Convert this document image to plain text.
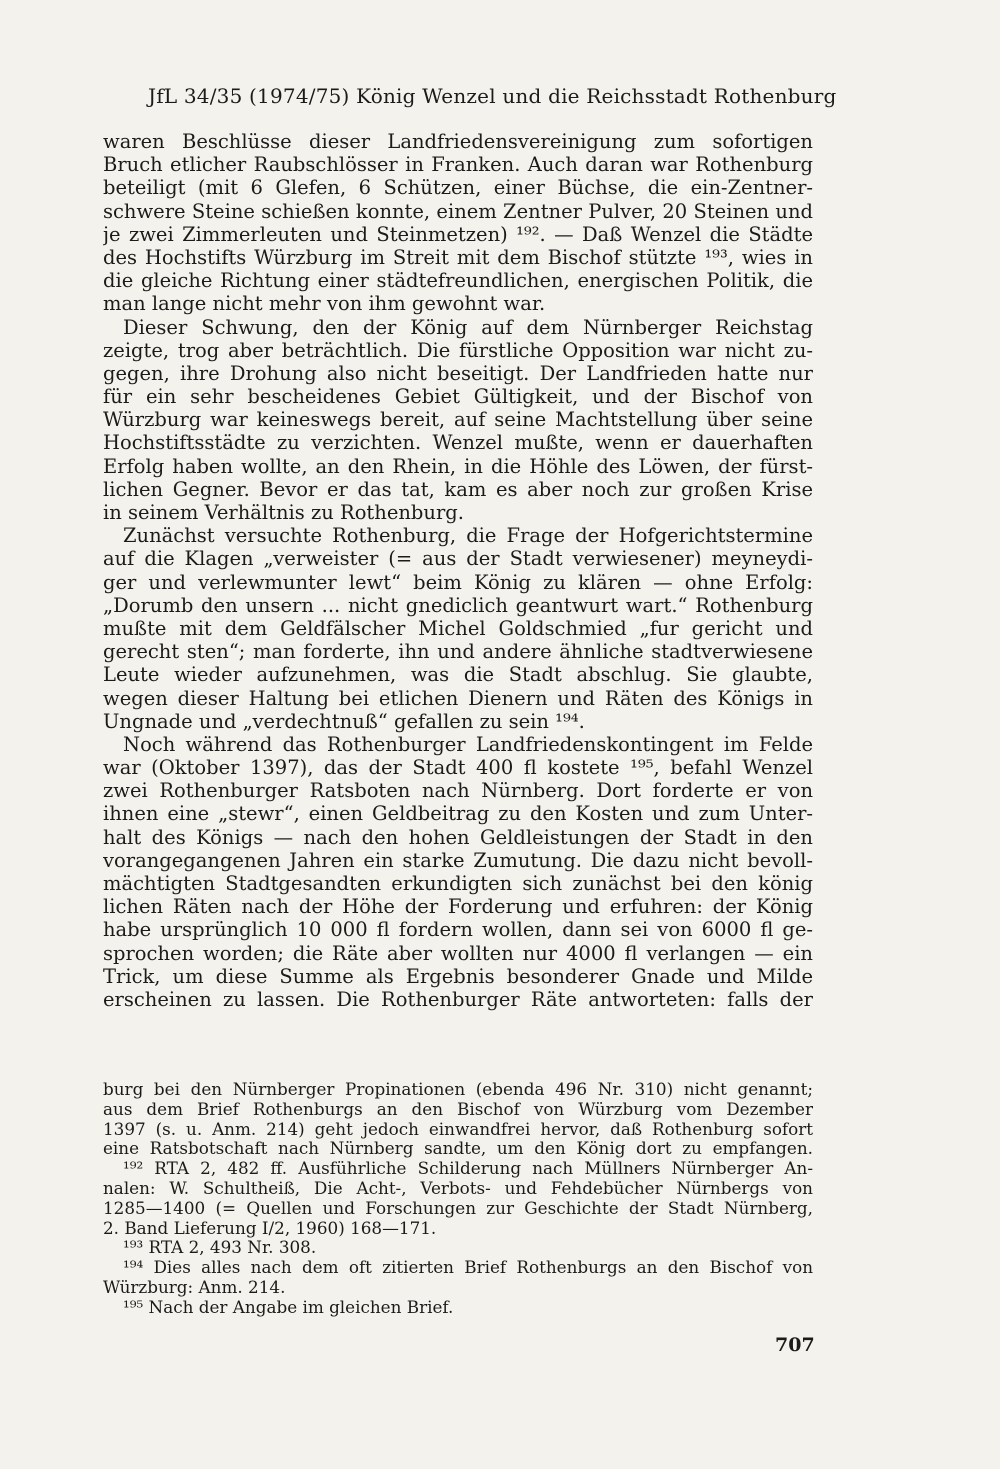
JfL 34/35 (1974/75) König Wenzel und die Reichsstadt Rothenburg
waren Beschlüsse dieser Landfriedensvereinigung zum sofortigen
Bruch etlicher Raubschlösser in Franken. Auch daran war Rothenburg
beteiligt (mit 6 Glefen, 6 Schützen, einer Büchse, die ein-Zentner-
schwere Steine schießen konnte, einem Zentner Pulver, 20 Steinen und
je zwei Zimmerleuten und Steinmetzen) ¹⁹². — Daß Wenzel die Städte
des Hochstifts Würzburg im Streit mit dem Bischof stützte ¹⁹³, wies in
die gleiche Richtung einer städtefreundlichen, energischen Politik, die
man lange nicht mehr von ihm gewohnt war.
Dieser Schwung, den der König auf dem Nürnberger Reichstag
zeigte, trog aber beträchtlich. Die fürstliche Opposition war nicht zu-
gegen, ihre Drohung also nicht beseitigt. Der Landfrieden hatte nur
für ein sehr bescheidenes Gebiet Gültigkeit, und der Bischof von
Würzburg war keineswegs bereit, auf seine Machtstellung über seine
Hochstiftsstädte zu verzichten. Wenzel mußte, wenn er dauerhaften
Erfolg haben wollte, an den Rhein, in die Höhle des Löwen, der fürst-
lichen Gegner. Bevor er das tat, kam es aber noch zur großen Krise
in seinem Verhältnis zu Rothenburg.
Zunächst versuchte Rothenburg, die Frage der Hofgerichtstermine
auf die Klagen „verweister (= aus der Stadt verwiesener) meyneydi-
ger und verlewmunter lewt“ beim König zu klären — ohne Erfolg:
„Dorumb den unsern ... nicht gnediclich geantwurt wart.“ Rothenburg
mußte mit dem Geldfälscher Michel Goldschmied „fur gericht und
gerecht sten“; man forderte, ihn und andere ähnliche stadtverwiesene
Leute wieder aufzunehmen, was die Stadt abschlug. Sie glaubte,
wegen dieser Haltung bei etlichen Dienern und Räten des Königs in
Ungnade und „verdechtnuß“ gefallen zu sein ¹⁹⁴.
Noch während das Rothenburger Landfriedenskontingent im Felde
war (Oktober 1397), das der Stadt 400 fl kostete ¹⁹⁵, befahl Wenzel
zwei Rothenburger Ratsboten nach Nürnberg. Dort forderte er von
ihnen eine „stewr“, einen Geldbeitrag zu den Kosten und zum Unter-
halt des Königs — nach den hohen Geldleistungen der Stadt in den
vorangegangenen Jahren ein starke Zumutung. Die dazu nicht bevoll-
mächtigten Stadtgesandten erkundigten sich zunächst bei den könig
lichen Räten nach der Höhe der Forderung und erfuhren: der König
habe ursprünglich 10 000 fl fordern wollen, dann sei von 6000 fl ge-
sprochen worden; die Räte aber wollten nur 4000 fl verlangen — ein
Trick, um diese Summe als Ergebnis besonderer Gnade und Milde
erscheinen zu lassen. Die Rothenburger Räte antworteten: falls der
burg bei den Nürnberger Propinationen (ebenda 496 Nr. 310) nicht genannt;
aus dem Brief Rothenburgs an den Bischof von Würzburg vom Dezember
1397 (s. u. Anm. 214) geht jedoch einwandfrei hervor, daß Rothenburg sofort
eine Ratsbotschaft nach Nürnberg sandte, um den König dort zu empfangen.
¹⁹² RTA 2, 482 ff. Ausführliche Schilderung nach Müllners Nürnberger An-
nalen: W. Schultheiß, Die Acht-, Verbots- und Fehdebücher Nürnbergs von
1285—1400 (= Quellen und Forschungen zur Geschichte der Stadt Nürnberg,
2. Band Lieferung I/2, 1960) 168—171.
¹⁹³ RTA 2, 493 Nr. 308.
¹⁹⁴ Dies alles nach dem oft zitierten Brief Rothenburgs an den Bischof von
Würzburg: Anm. 214.
¹⁹⁵ Nach der Angabe im gleichen Brief.
707
